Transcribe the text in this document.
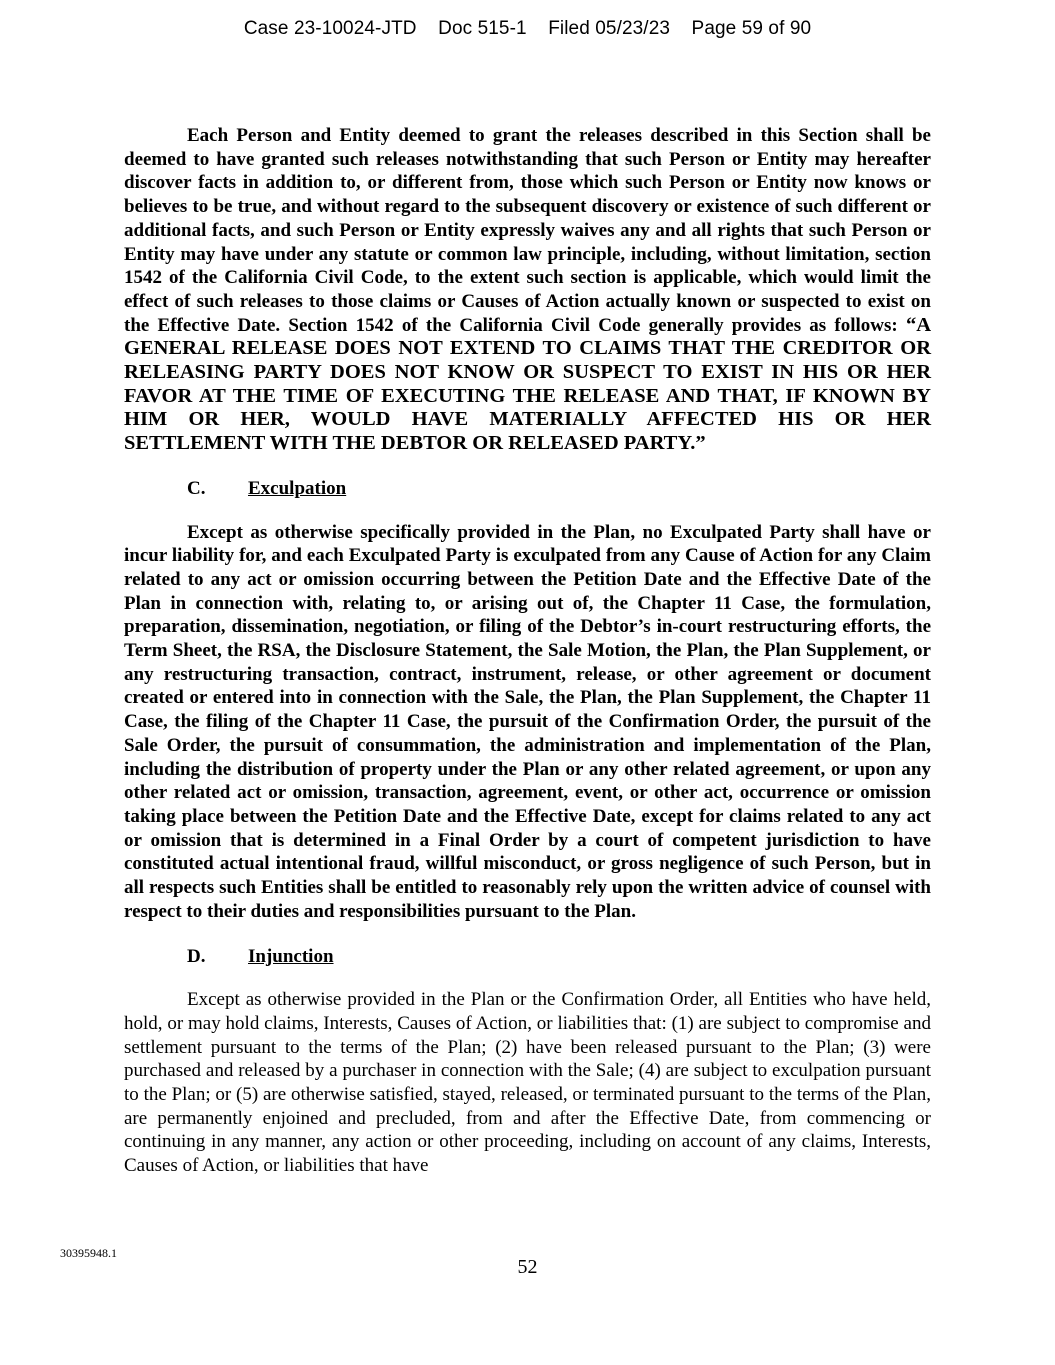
Case 23-10024-JTD Doc 515-1 Filed 05/23/23 Page 59 of 90

Each Person and Entity deemed to grant the releases described in this Section shall be deemed to have granted such releases notwithstanding that such Person or Entity may hereafter discover facts in addition to, or different from, those which such Person or Entity now knows or believes to be true, and without regard to the subsequent discovery or existence of such different or additional facts, and such Person or Entity expressly waives any and all rights that such Person or Entity may have under any statute or common law principle, including, without limitation, section 1542 of the California Civil Code, to the extent such section is applicable, which would limit the effect of such releases to those claims or Causes of Action actually known or suspected to exist on the Effective Date. Section 1542 of the California Civil Code generally provides as follows: “A GENERAL RELEASE DOES NOT EXTEND TO CLAIMS THAT THE CREDITOR OR RELEASING PARTY DOES NOT KNOW OR SUSPECT TO EXIST IN HIS OR HER FAVOR AT THE TIME OF EXECUTING THE RELEASE AND THAT, IF KNOWN BY HIM OR HER, WOULD HAVE MATERIALLY AFFECTED HIS OR HER SETTLEMENT WITH THE DEBTOR OR RELEASED PARTY.”

C. Exculpation

Except as otherwise specifically provided in the Plan, no Exculpated Party shall have or incur liability for, and each Exculpated Party is exculpated from any Cause of Action for any Claim related to any act or omission occurring between the Petition Date and the Effective Date of the Plan in connection with, relating to, or arising out of, the Chapter 11 Case, the formulation, preparation, dissemination, negotiation, or filing of the Debtor’s in-court restructuring efforts, the Term Sheet, the RSA, the Disclosure Statement, the Sale Motion, the Plan, the Plan Supplement, or any restructuring transaction, contract, instrument, release, or other agreement or document created or entered into in connection with the Sale, the Plan, the Plan Supplement, the Chapter 11 Case, the filing of the Chapter 11 Case, the pursuit of the Confirmation Order, the pursuit of the Sale Order, the pursuit of consummation, the administration and implementation of the Plan, including the distribution of property under the Plan or any other related agreement, or upon any other related act or omission, transaction, agreement, event, or other act, occurrence or omission taking place between the Petition Date and the Effective Date, except for claims related to any act or omission that is determined in a Final Order by a court of competent jurisdiction to have constituted actual intentional fraud, willful misconduct, or gross negligence of such Person, but in all respects such Entities shall be entitled to reasonably rely upon the written advice of counsel with respect to their duties and responsibilities pursuant to the Plan.

D. Injunction

Except as otherwise provided in the Plan or the Confirmation Order, all Entities who have held, hold, or may hold claims, Interests, Causes of Action, or liabilities that: (1) are subject to compromise and settlement pursuant to the terms of the Plan; (2) have been released pursuant to the Plan; (3) were purchased and released by a purchaser in connection with the Sale; (4) are subject to exculpation pursuant to the Plan; or (5) are otherwise satisfied, stayed, released, or terminated pursuant to the terms of the Plan, are permanently enjoined and precluded, from and after the Effective Date, from commencing or continuing in any manner, any action or other proceeding, including on account of any claims, Interests, Causes of Action, or liabilities that have

30395948.1
52
